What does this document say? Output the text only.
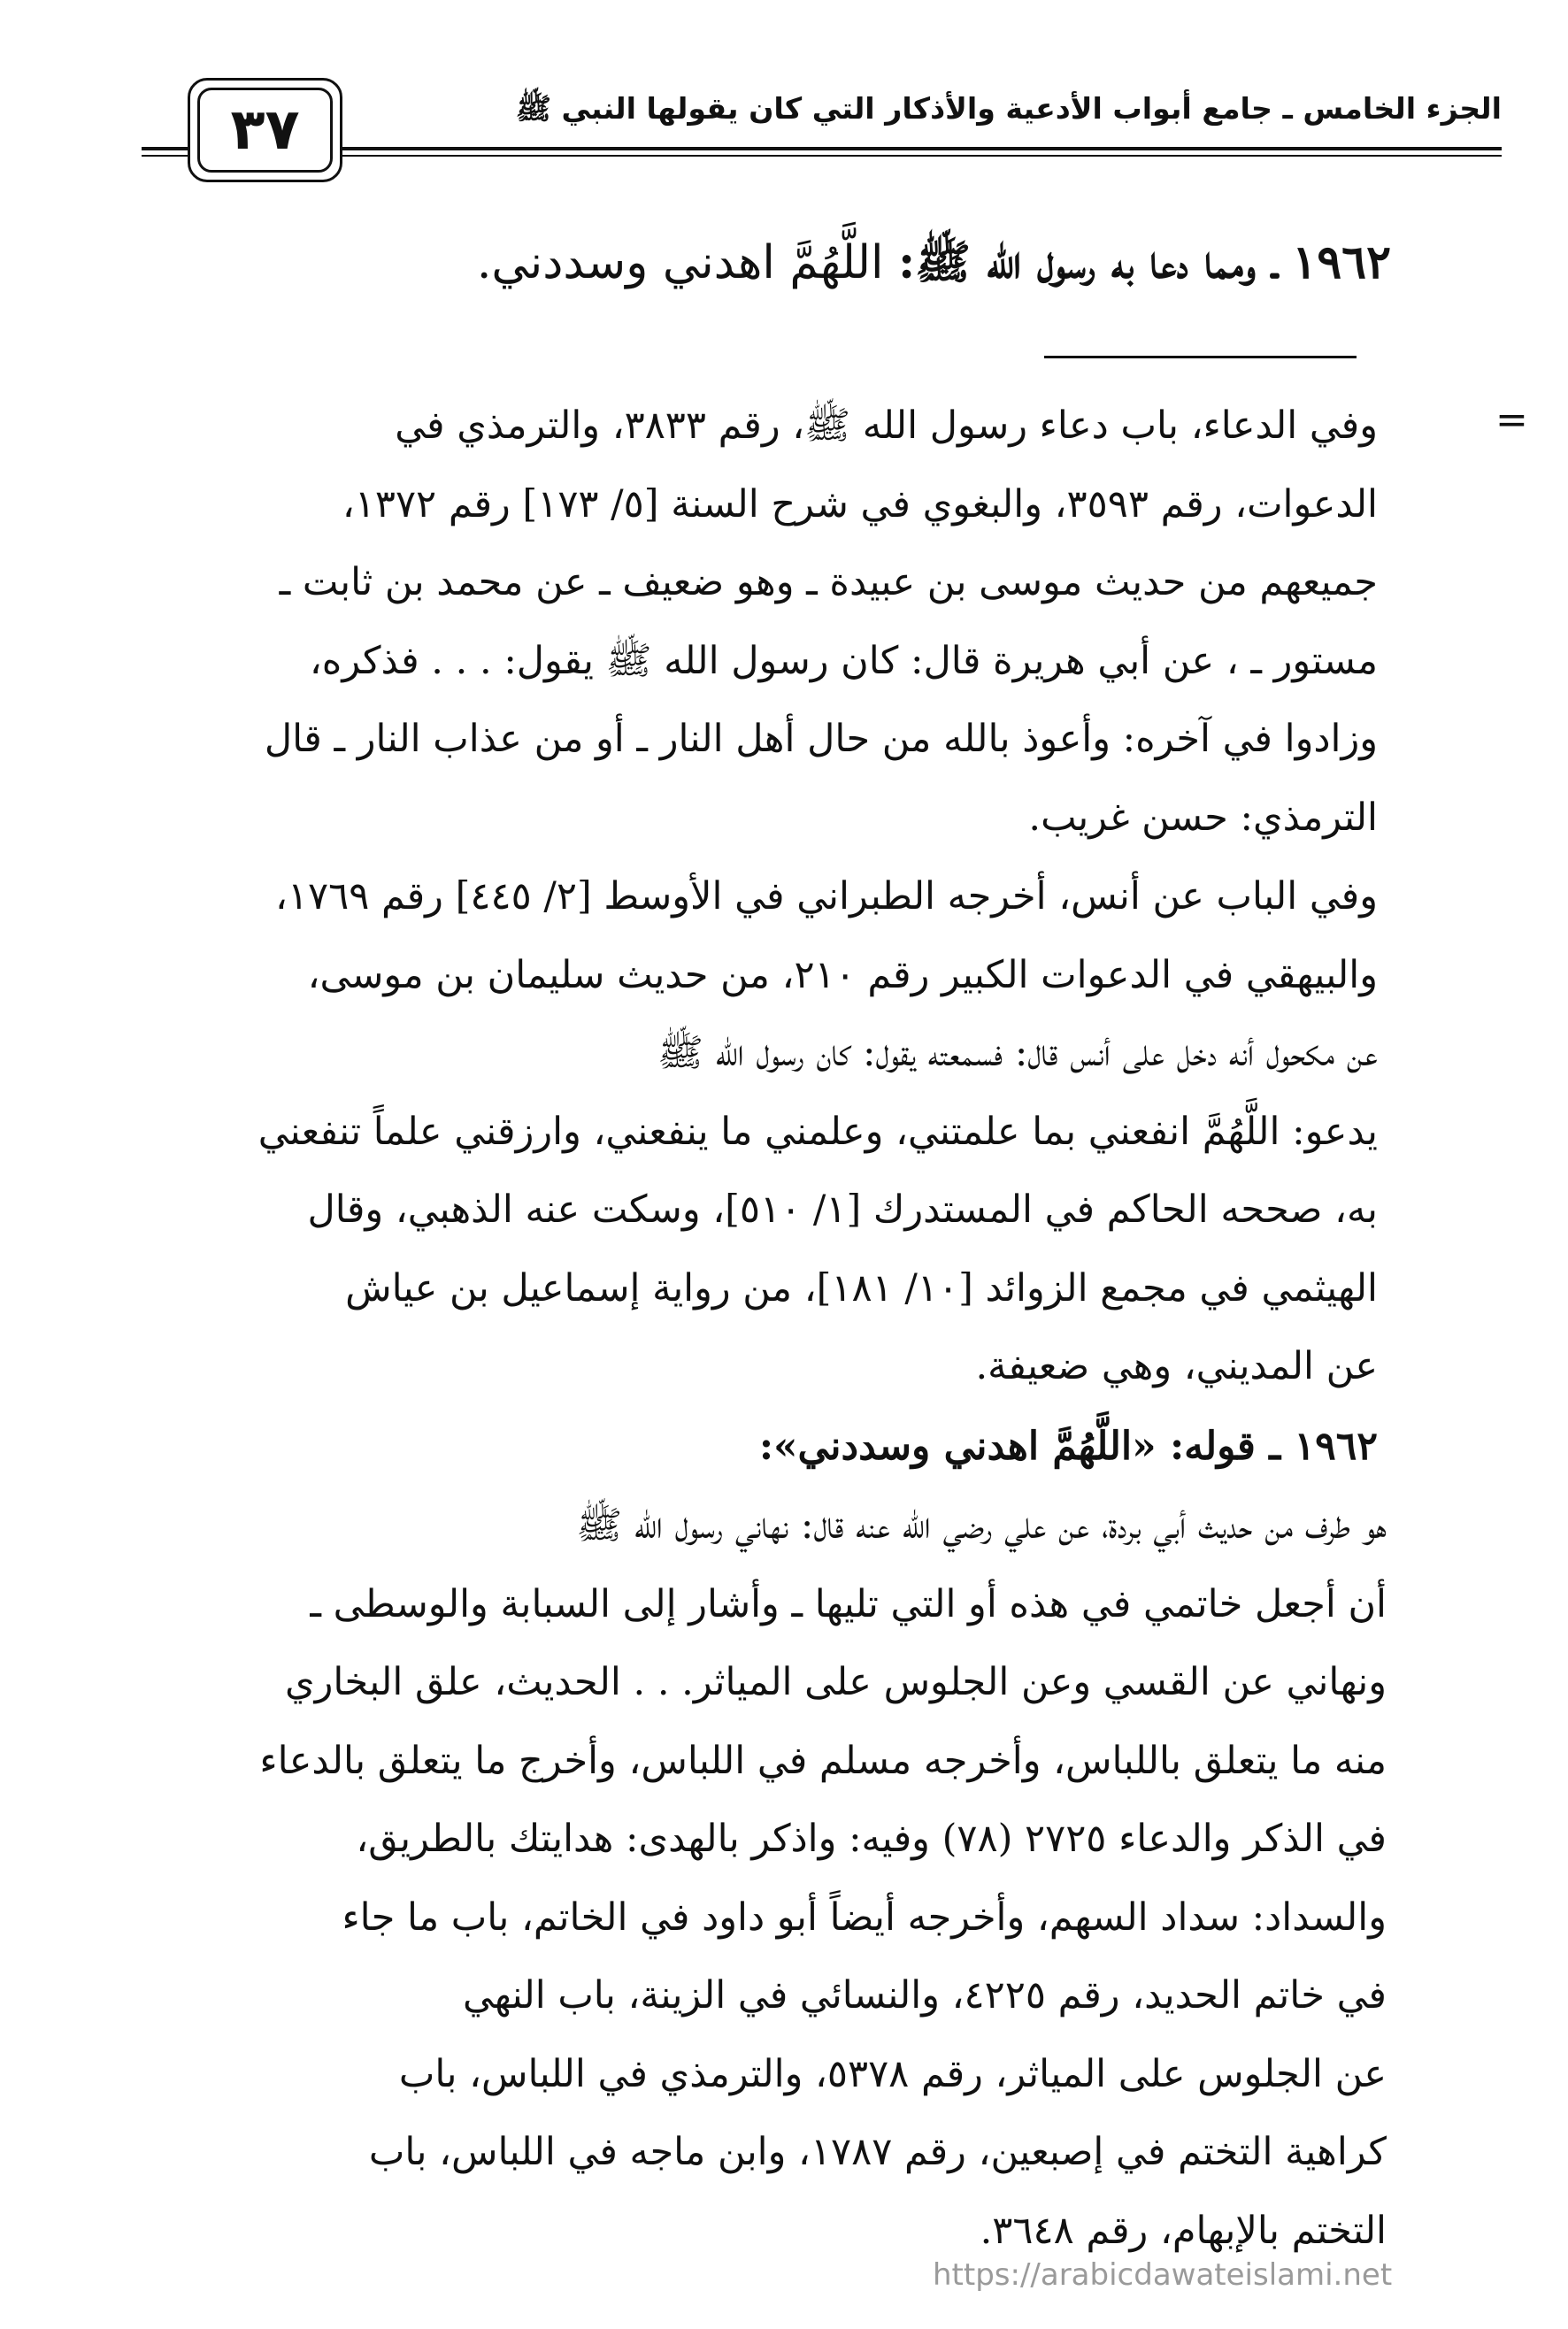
الجزء الخامس ـ جامع أبواب الأدعية والأذكار التي كان يقولها النبي ﷺ
٣٧
١٩٦٢ ـ ومما دعا به رسول الله ﷺ: اللَّهُمَّ اهدني وسددني.
=
وفي الدعاء، باب دعاء رسول الله ﷺ، رقم ٣٨٣٣، والترمذي في
الدعوات، رقم ٣٥٩٣، والبغوي في شرح السنة [٥/ ١٧٣] رقم ١٣٧٢،
جميعهم من حديث موسى بن عبيدة ـ وهو ضعيف ـ عن محمد بن ثابت ـ
مستور ـ ، عن أبي هريرة قال: كان رسول الله ﷺ يقول: . . . فذكره،
وزادوا في آخره: وأعوذ بالله من حال أهل النار ـ أو من عذاب النار ـ قال
الترمذي: حسن غريب.
وفي الباب عن أنس، أخرجه الطبراني في الأوسط [٢/ ٤٤٥] رقم ١٧٦٩،
والبيهقي في الدعوات الكبير رقم ٢١٠، من حديث سليمان بن موسى،
عن مكحول أنه دخل على أنس قال: فسمعته يقول: كان رسول الله ﷺ
يدعو: اللَّهُمَّ انفعني بما علمتني، وعلمني ما ينفعني، وارزقني علماً تنفعني
به، صححه الحاكم في المستدرك [١/ ٥١٠]، وسكت عنه الذهبي، وقال
الهيثمي في مجمع الزوائد [١٠/ ١٨١]، من رواية إسماعيل بن عياش
عن المديني، وهي ضعيفة.
١٩٦٢ ـ قوله: «اللَّهُمَّ اهدني وسددني»:
هو طرف من حديث أبي بردة، عن علي رضي الله عنه قال: نهاني رسول الله ﷺ
أن أجعل خاتمي في هذه أو التي تليها ـ وأشار إلى السبابة والوسطى ـ
ونهاني عن القسي وعن الجلوس على المياثر. . . الحديث، علق البخاري
منه ما يتعلق باللباس، وأخرجه مسلم في اللباس، وأخرج ما يتعلق بالدعاء
في الذكر والدعاء ٢٧٢٥ (٧٨) وفيه: واذكر بالهدى: هدايتك بالطريق،
والسداد: سداد السهم، وأخرجه أيضاً أبو داود في الخاتم، باب ما جاء
في خاتم الحديد، رقم ٤٢٢٥، والنسائي في الزينة، باب النهي
عن الجلوس على المياثر، رقم ٥٣٧٨، والترمذي في اللباس، باب
كراهية التختم في إصبعين، رقم ١٧٨٧، وابن ماجه في اللباس، باب
التختم بالإبهام، رقم ٣٦٤٨.
https://arabicdawateislami.net
